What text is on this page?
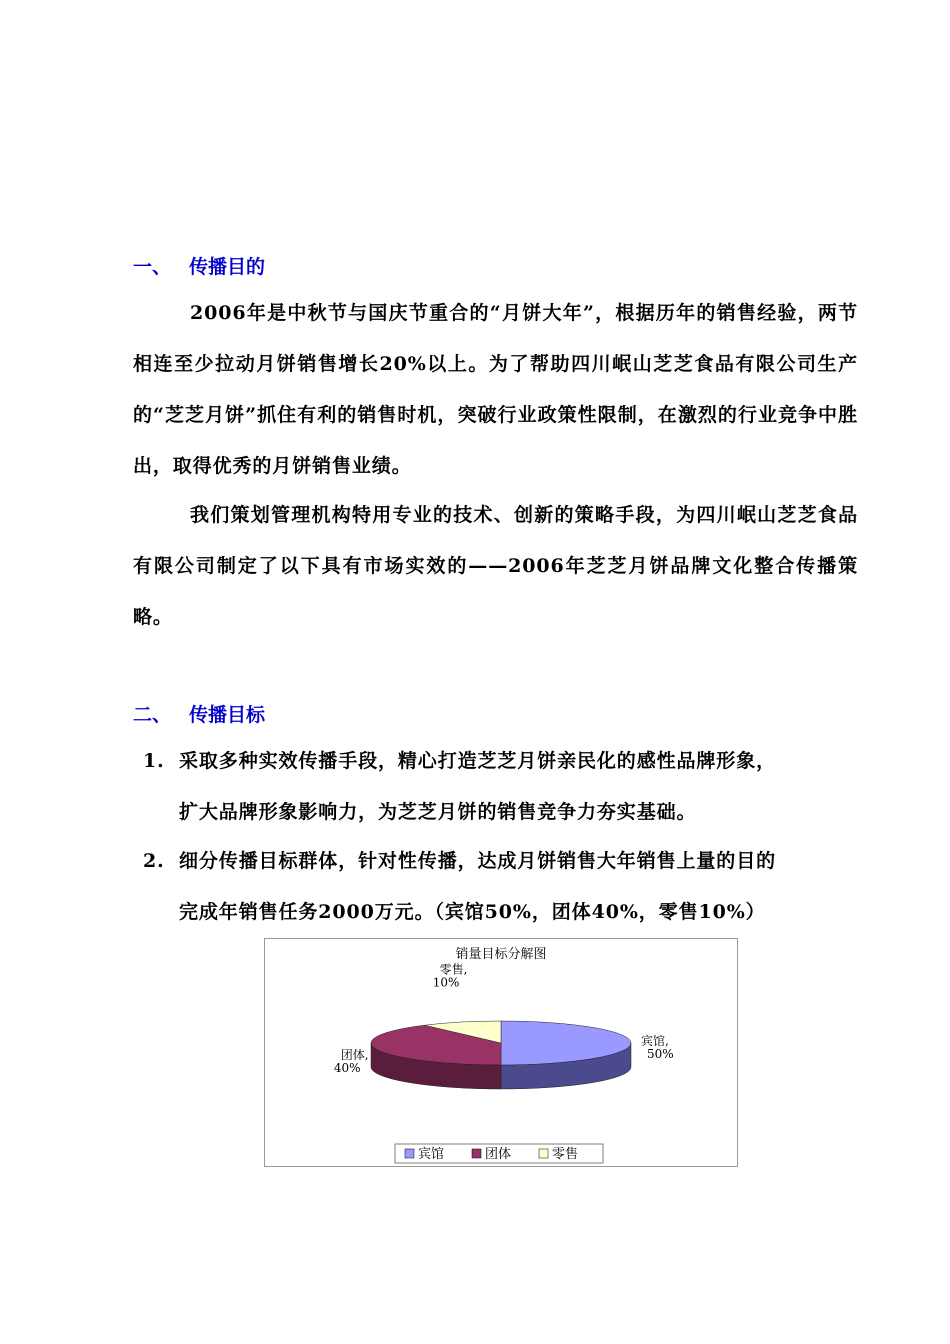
一、 传播目的

2006年是中秋节与国庆节重合的“月饼大年”，根据历年的销售经验，两节相连至少拉动月饼销售增长20%以上。为了帮助四川岷山芝芝食品有限公司生产的“芝芝月饼”抓住有利的销售时机，突破行业政策性限制，在激烈的行业竞争中胜出，取得优秀的月饼销售业绩。

我们策划管理机构特用专业的技术、创新的策略手段，为四川岷山芝芝食品有限公司制定了以下具有市场实效的——2006年芝芝月饼品牌文化整合传播策略。

二、 传播目标
1. 采取多种实效传播手段，精心打造芝芝月饼亲民化的感性品牌形象，
扩大品牌形象影响力，为芝芝月饼的销售竞争力夯实基础。
2. 细分传播目标群体，针对性传播，达成月饼销售大年销售上量的目的
完成年销售任务2000万元。（宾馆50%，团体40%，零售10%）
销量目标分解图
宾馆,
50%
团体,
40%
零售,
10%
宾馆	团体	零售
